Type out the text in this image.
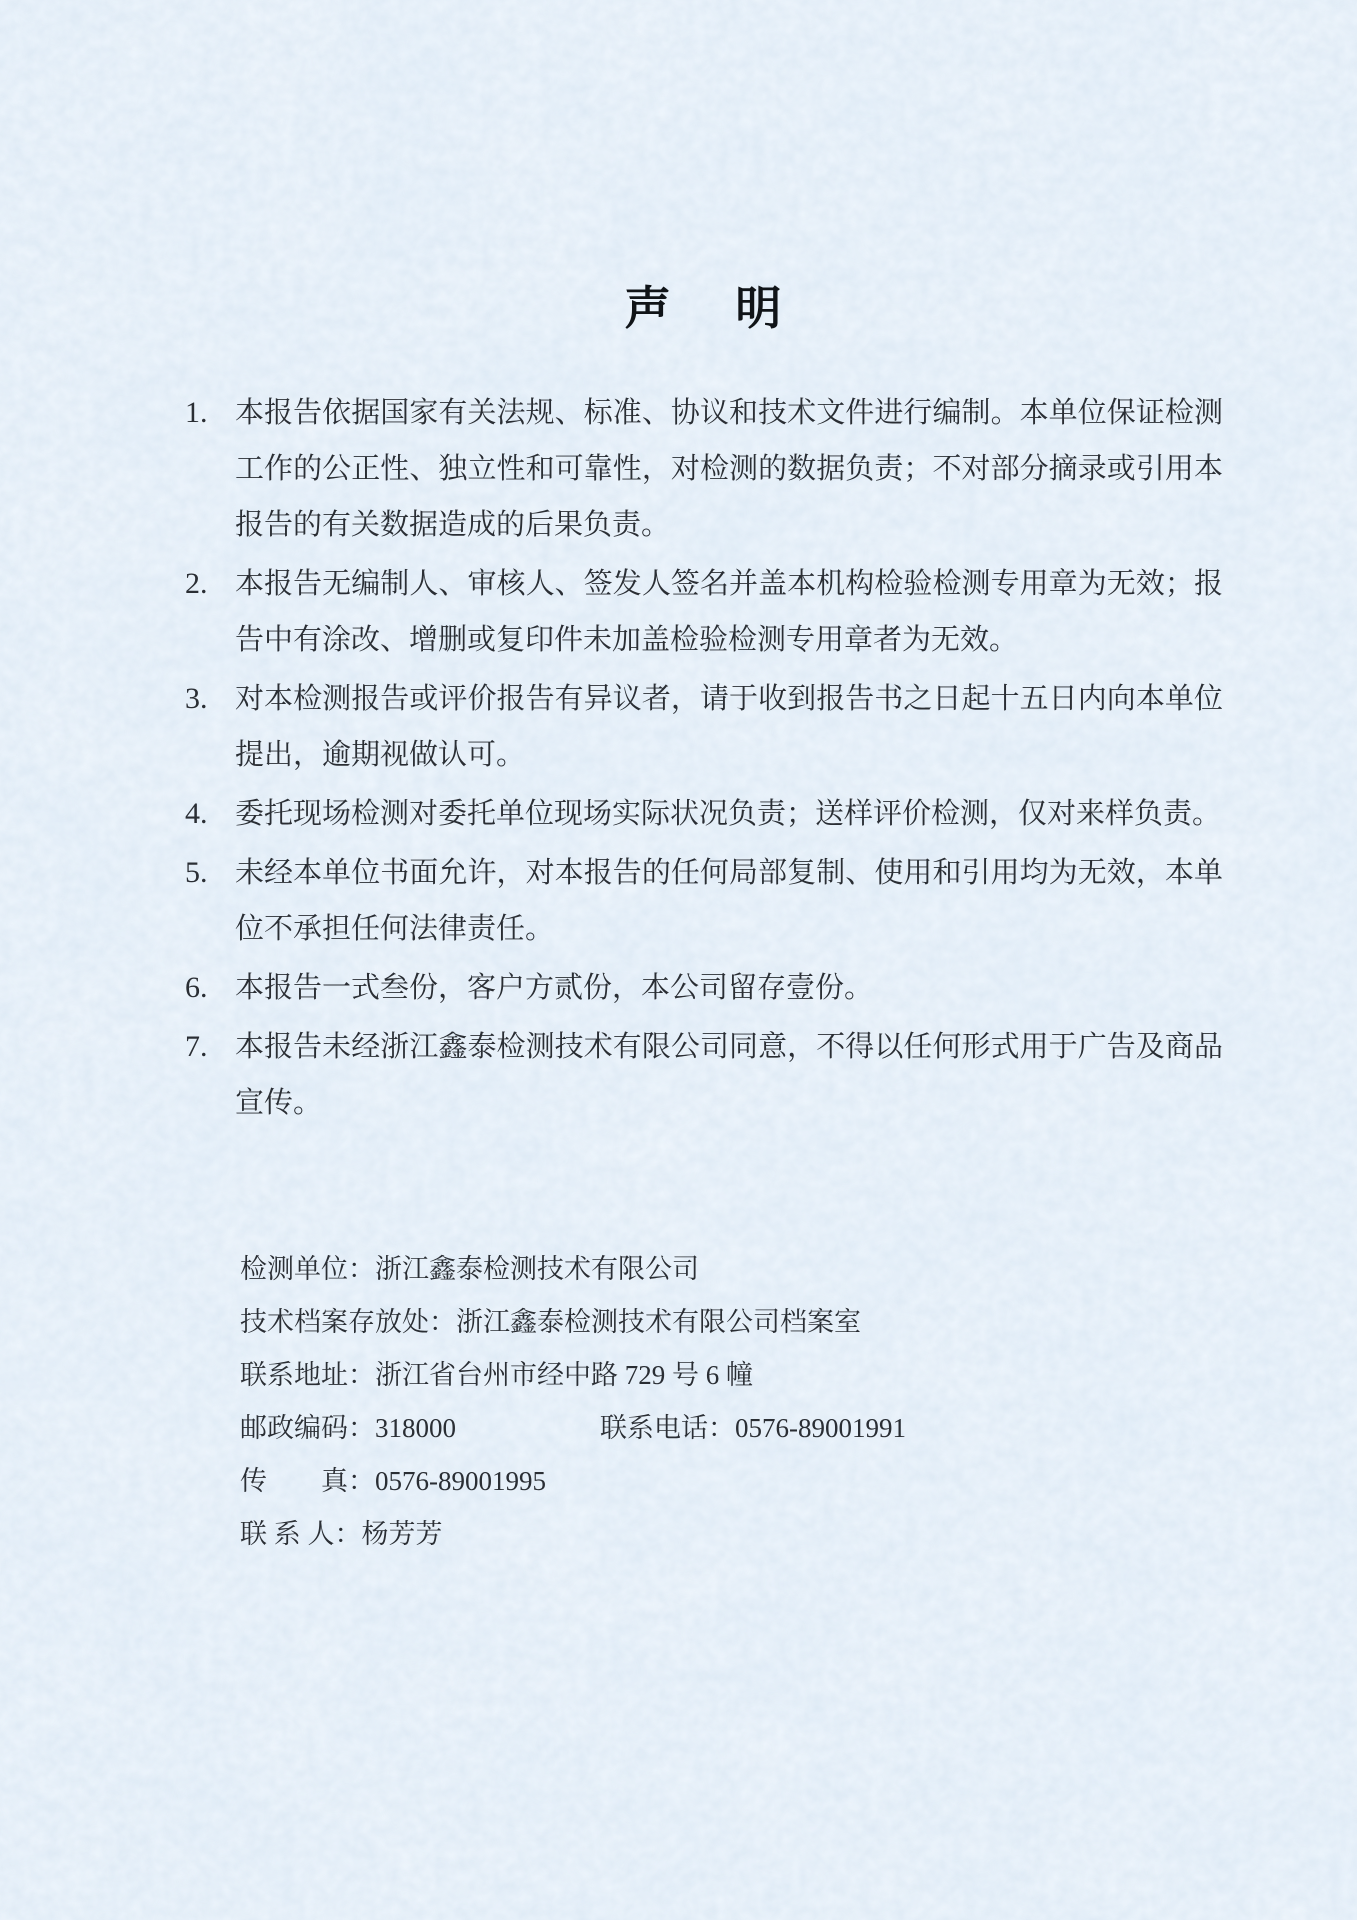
声　 明
1. 本报告依据国家有关法规、标准、协议和技术文件进行编制。本单位保证检测工作的公正性、独立性和可靠性，对检测的数据负责；不对部分摘录或引用本报告的有关数据造成的后果负责。
2. 本报告无编制人、审核人、签发人签名并盖本机构检验检测专用章为无效；报告中有涂改、增删或复印件未加盖检验检测专用章者为无效。
3. 对本检测报告或评价报告有异议者，请于收到报告书之日起十五日内向本单位提出，逾期视做认可。
4. 委托现场检测对委托单位现场实际状况负责；送样评价检测，仅对来样负责。
5. 未经本单位书面允许，对本报告的任何局部复制、使用和引用均为无效，本单位不承担任何法律责任。
6. 本报告一式叁份，客户方贰份，本公司留存壹份。
7. 本报告未经浙江鑫泰检测技术有限公司同意，不得以任何形式用于广告及商品宣传。
检测单位： 浙江鑫泰检测技术有限公司
技术档案存放处： 浙江鑫泰检测技术有限公司档案室
联系地址： 浙江省台州市经中路 729 号 6 幢
邮政编码：318000	联系电话：0576-89001991
传　　真： 0576-89001995
联 系 人： 杨芳芳
